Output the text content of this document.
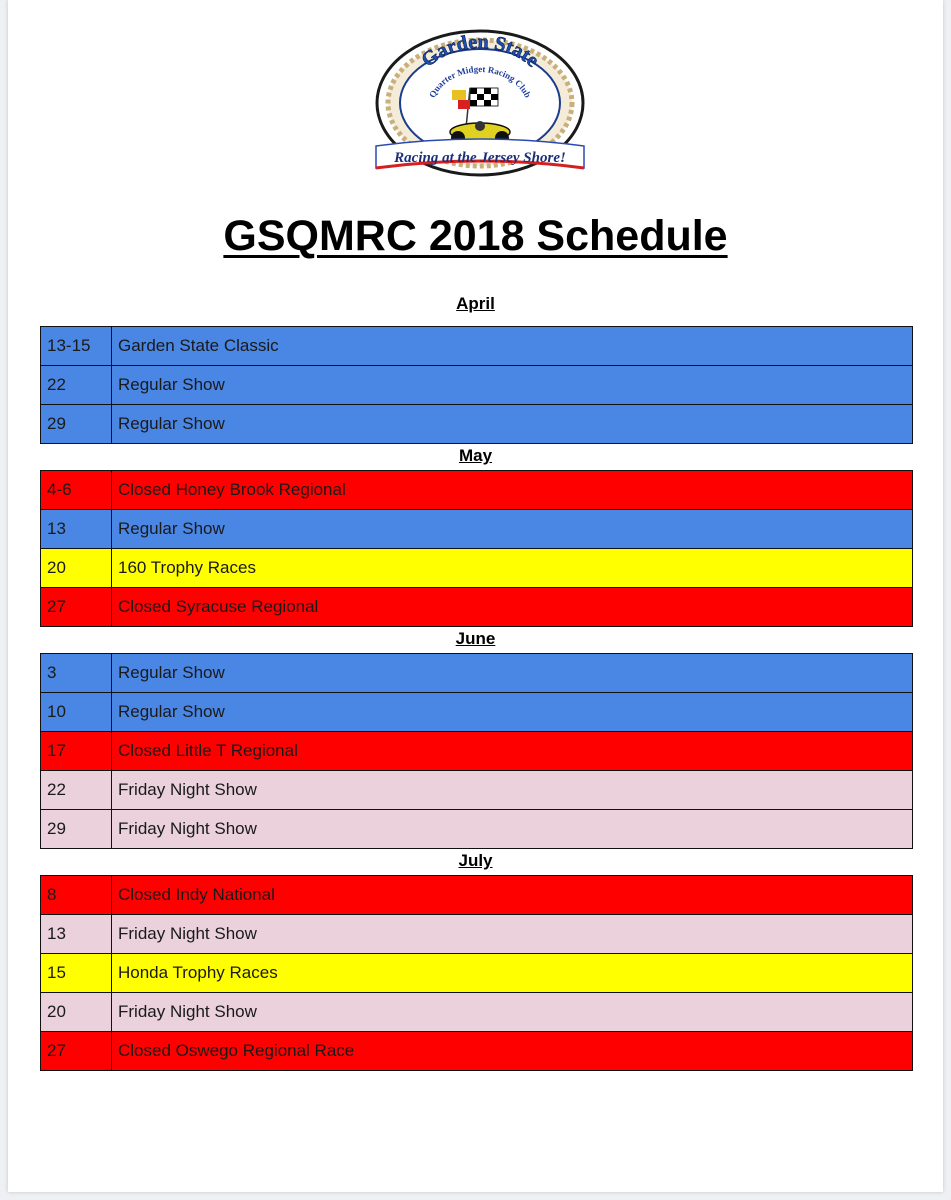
Garden State
Quarter Midget Racing Club
Racing at the Jersey Shore!
GSQMRC 2018 Schedule
April
13-15	Garden State Classic
22	Regular Show
29	Regular Show
May
4-6	Closed Honey Brook Regional
13	Regular Show
20	160 Trophy Races
27	Closed Syracuse Regional
June
3	Regular Show
10	Regular Show
17	Closed Little T Regional
22	Friday Night Show
29	Friday Night Show
July
8	Closed Indy National
13	Friday Night Show
15	Honda Trophy Races
20	Friday Night Show
27	Closed Oswego Regional Race
